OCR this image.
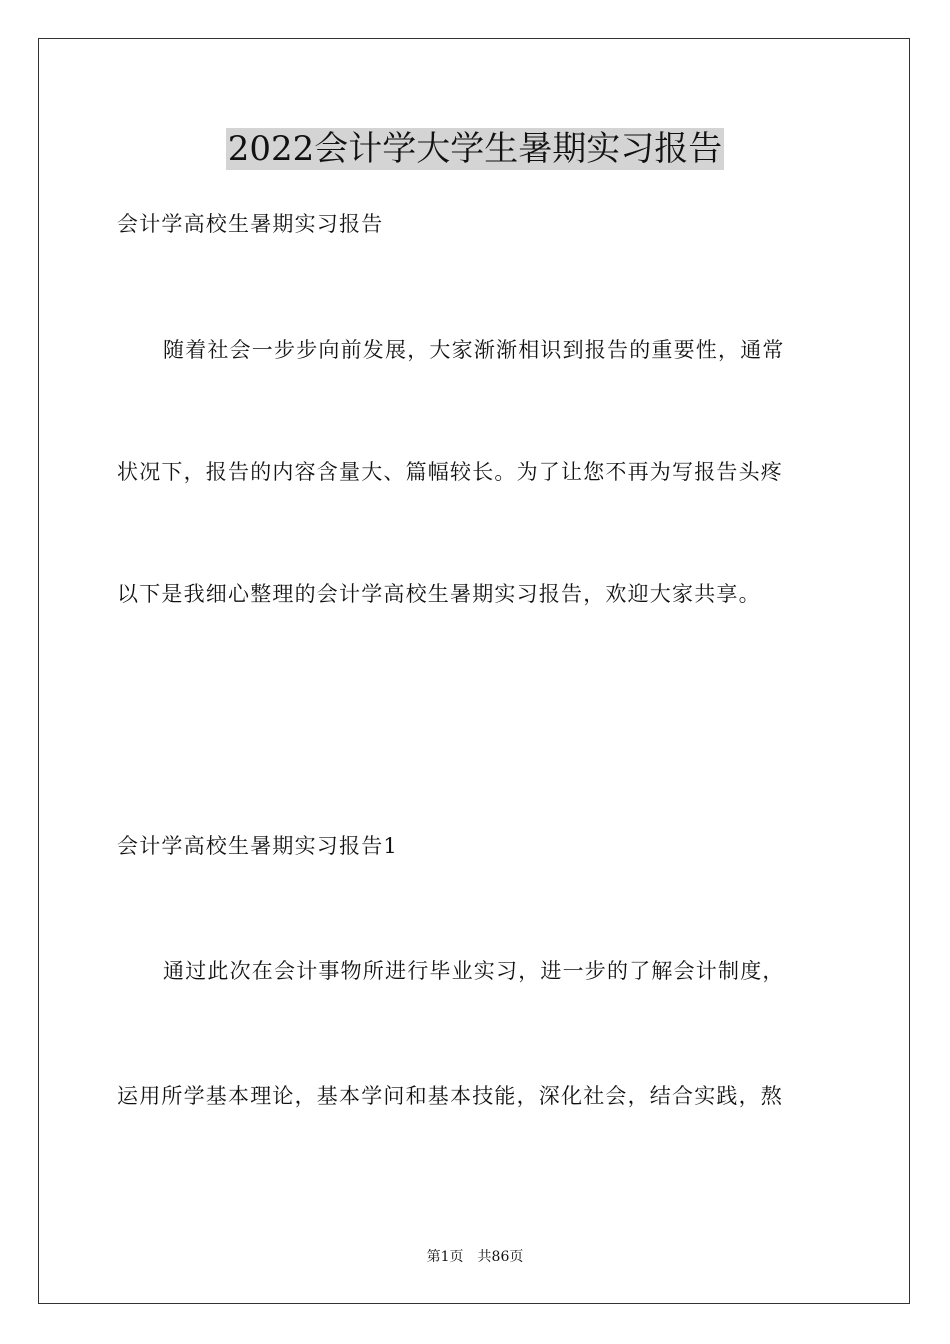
2022会计学大学生暑期实习报告
会计学高校生暑期实习报告
随着社会一步步向前发展，大家渐渐相识到报告的重要性，通常
状况下，报告的内容含量大、篇幅较长。为了让您不再为写报告头疼
以下是我细心整理的会计学高校生暑期实习报告，欢迎大家共享。
会计学高校生暑期实习报告1
通过此次在会计事物所进行毕业实习，进一步的了解会计制度，
运用所学基本理论，基本学问和基本技能，深化社会，结合实践，熬
第1页 共86页
